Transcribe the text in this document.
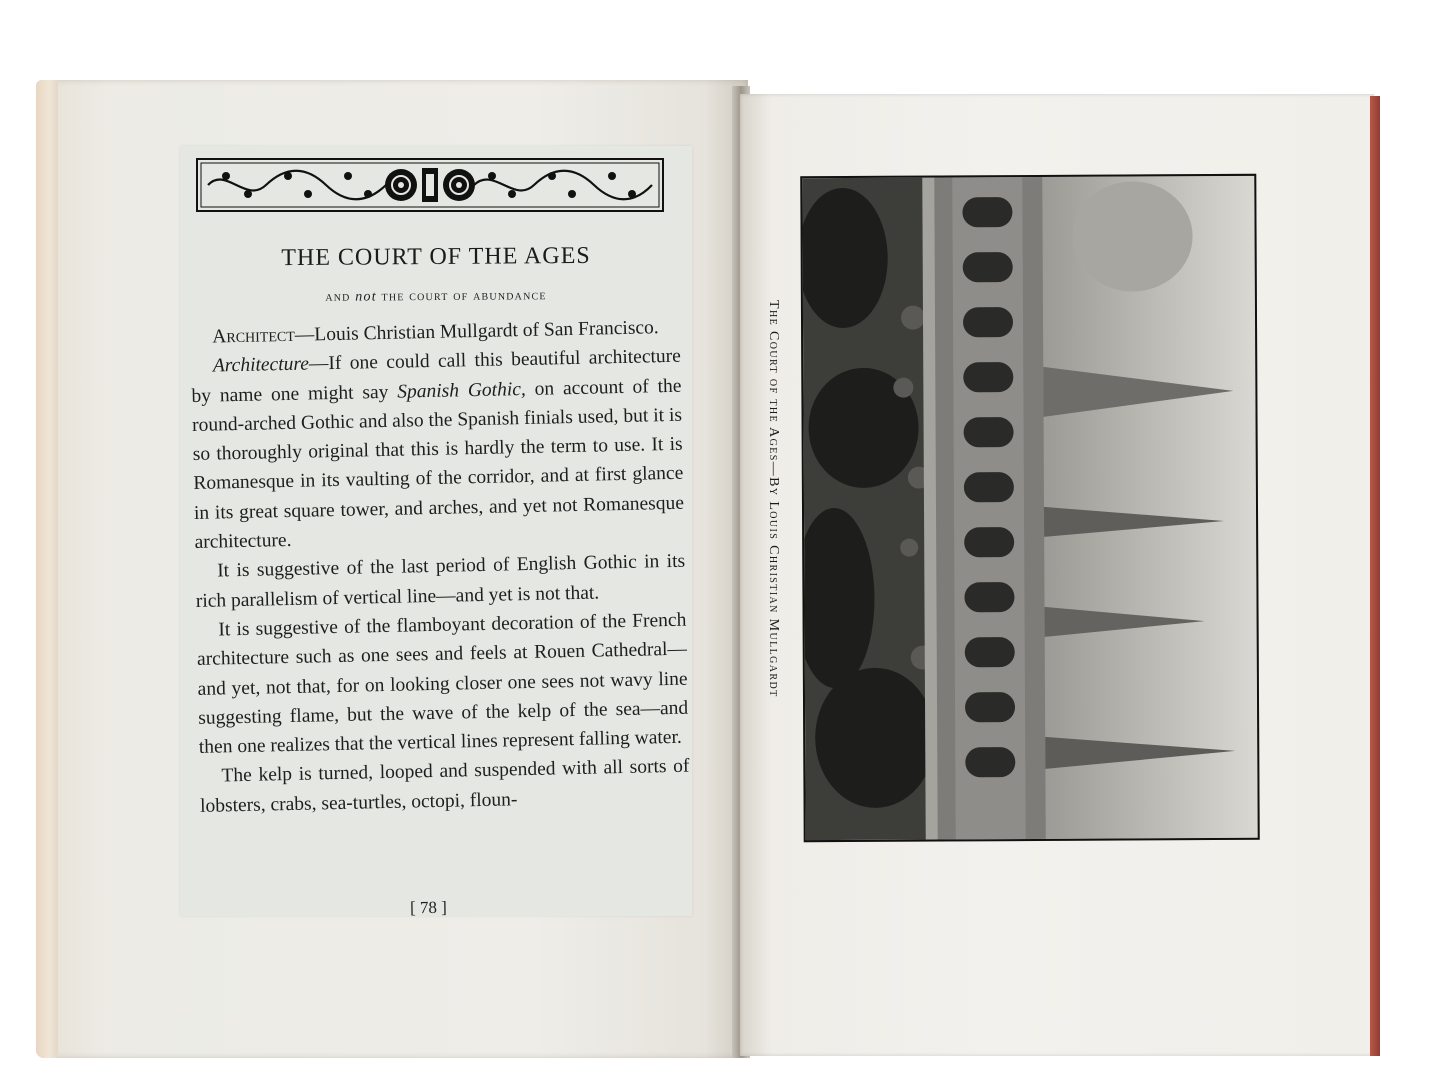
THE COURT OF THE AGES
and not the court of abundance

Architect—Louis Christian Mullgardt of San Francisco.

Architecture—If one could call this beautiful architecture by name one might say Spanish Gothic, on account of the round-arched Gothic and also the Spanish finials used, but it is so thoroughly original that this is hardly the term to use. It is Romanesque in its vaulting of the corridor, and at first glance in its great square tower, and arches, and yet not Romanesque architecture.

It is suggestive of the last period of English Gothic in its rich parallelism of vertical line—and yet is not that.

It is suggestive of the flamboyant decoration of the French architecture such as one sees and feels at Rouen Cathedral—and yet, not that, for on looking closer one sees not wavy line suggesting flame, but the wave of the kelp of the sea—and then one realizes that the vertical lines represent falling water.

The kelp is turned, looped and suspended with all sorts of lobsters, crabs, sea-turtles, octopi, floun-

[ 78 ]
The Court of the Ages—By Louis Christian Mullgardt
